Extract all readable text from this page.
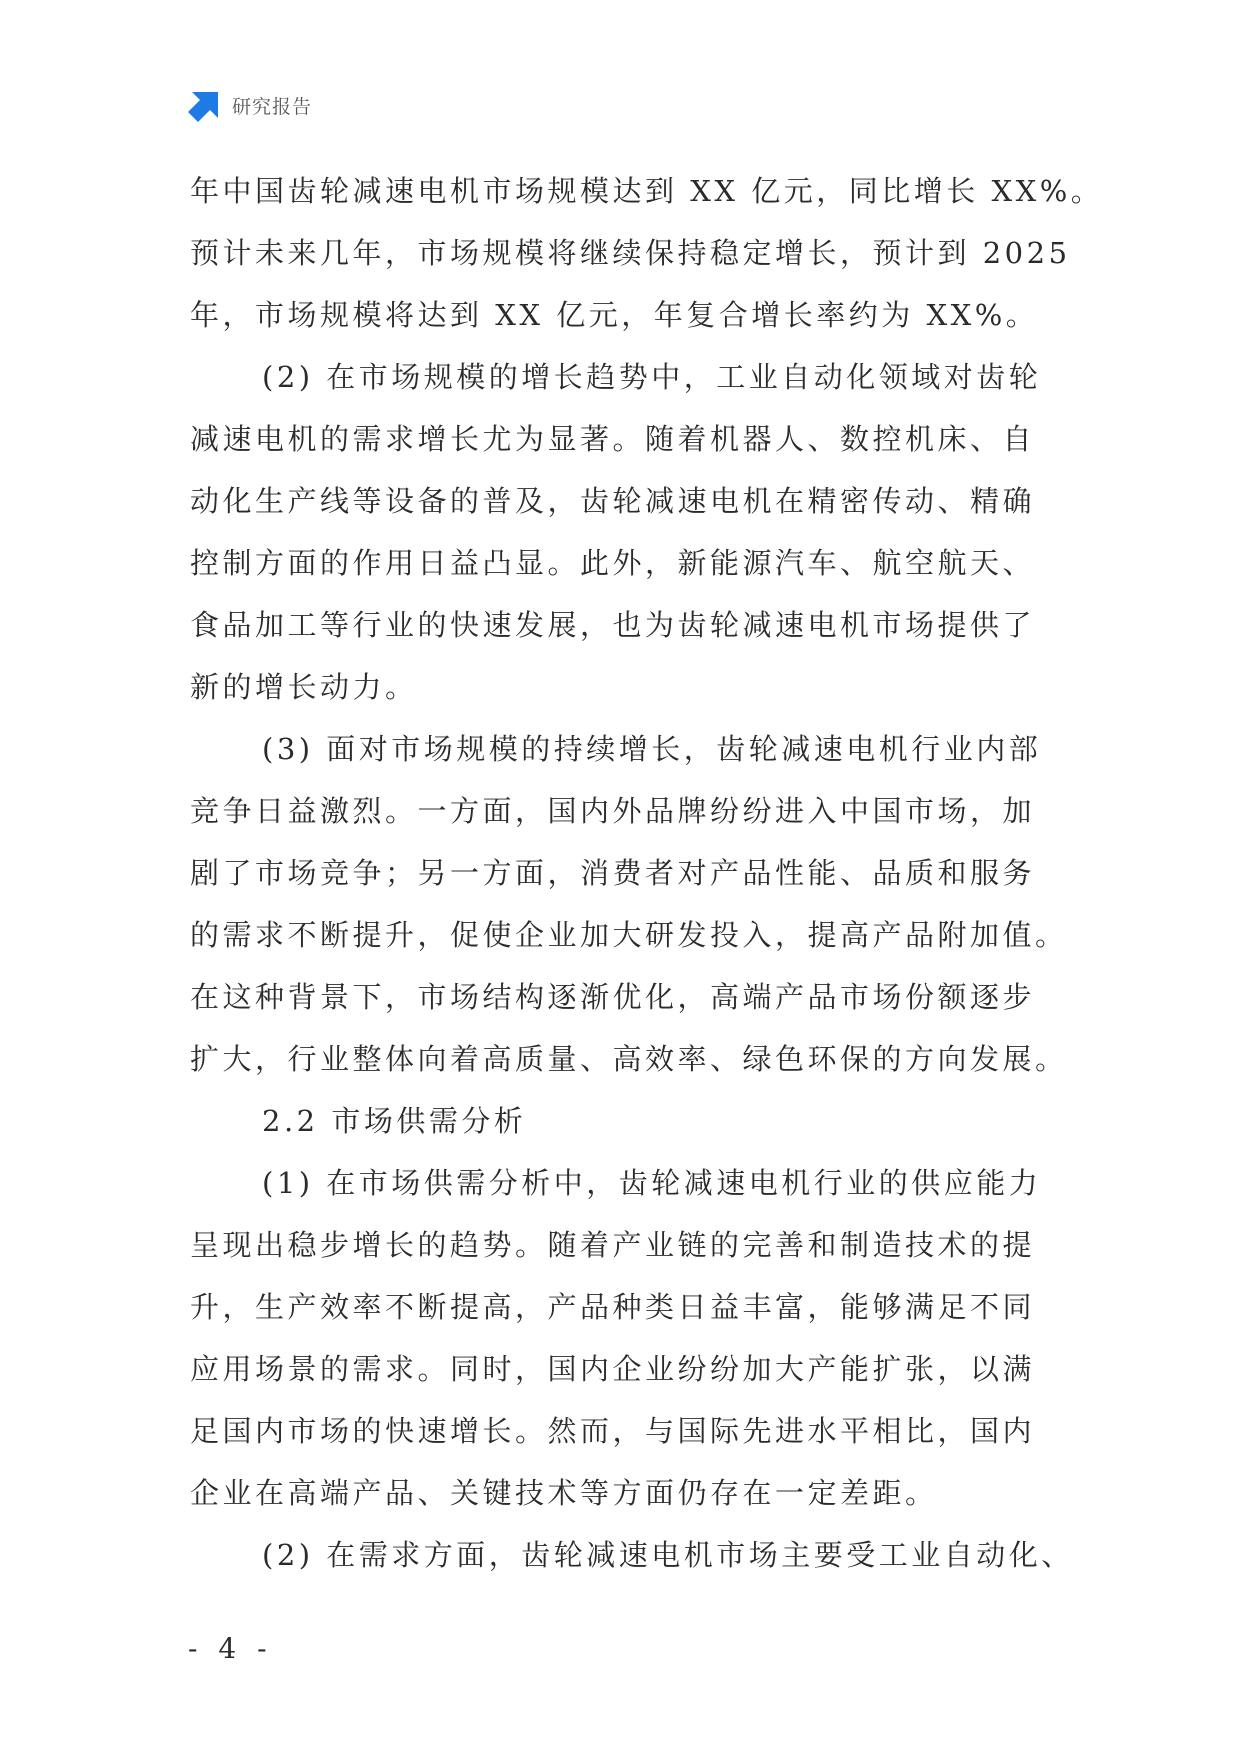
研究报告
年中国齿轮减速电机市场规模达到 XX 亿元，同比增长 XX%。
预计未来几年，市场规模将继续保持稳定增长，预计到 2025
年，市场规模将达到 XX 亿元，年复合增长率约为 XX%。
(2) 在市场规模的增长趋势中，工业自动化领域对齿轮
减速电机的需求增长尤为显著。随着机器人、数控机床、自
动化生产线等设备的普及，齿轮减速电机在精密传动、精确
控制方面的作用日益凸显。此外，新能源汽车、航空航天、
食品加工等行业的快速发展，也为齿轮减速电机市场提供了
新的增长动力。
(3) 面对市场规模的持续增长，齿轮减速电机行业内部
竞争日益激烈。一方面，国内外品牌纷纷进入中国市场，加
剧了市场竞争；另一方面，消费者对产品性能、品质和服务
的需求不断提升，促使企业加大研发投入，提高产品附加值。
在这种背景下，市场结构逐渐优化，高端产品市场份额逐步
扩大，行业整体向着高质量、高效率、绿色环保的方向发展。
2.2 市场供需分析
(1) 在市场供需分析中，齿轮减速电机行业的供应能力
呈现出稳步增长的趋势。随着产业链的完善和制造技术的提
升，生产效率不断提高，产品种类日益丰富，能够满足不同
应用场景的需求。同时，国内企业纷纷加大产能扩张，以满
足国内市场的快速增长。然而，与国际先进水平相比，国内
企业在高端产品、关键技术等方面仍存在一定差距。
(2) 在需求方面，齿轮减速电机市场主要受工业自动化、
- 4 -
